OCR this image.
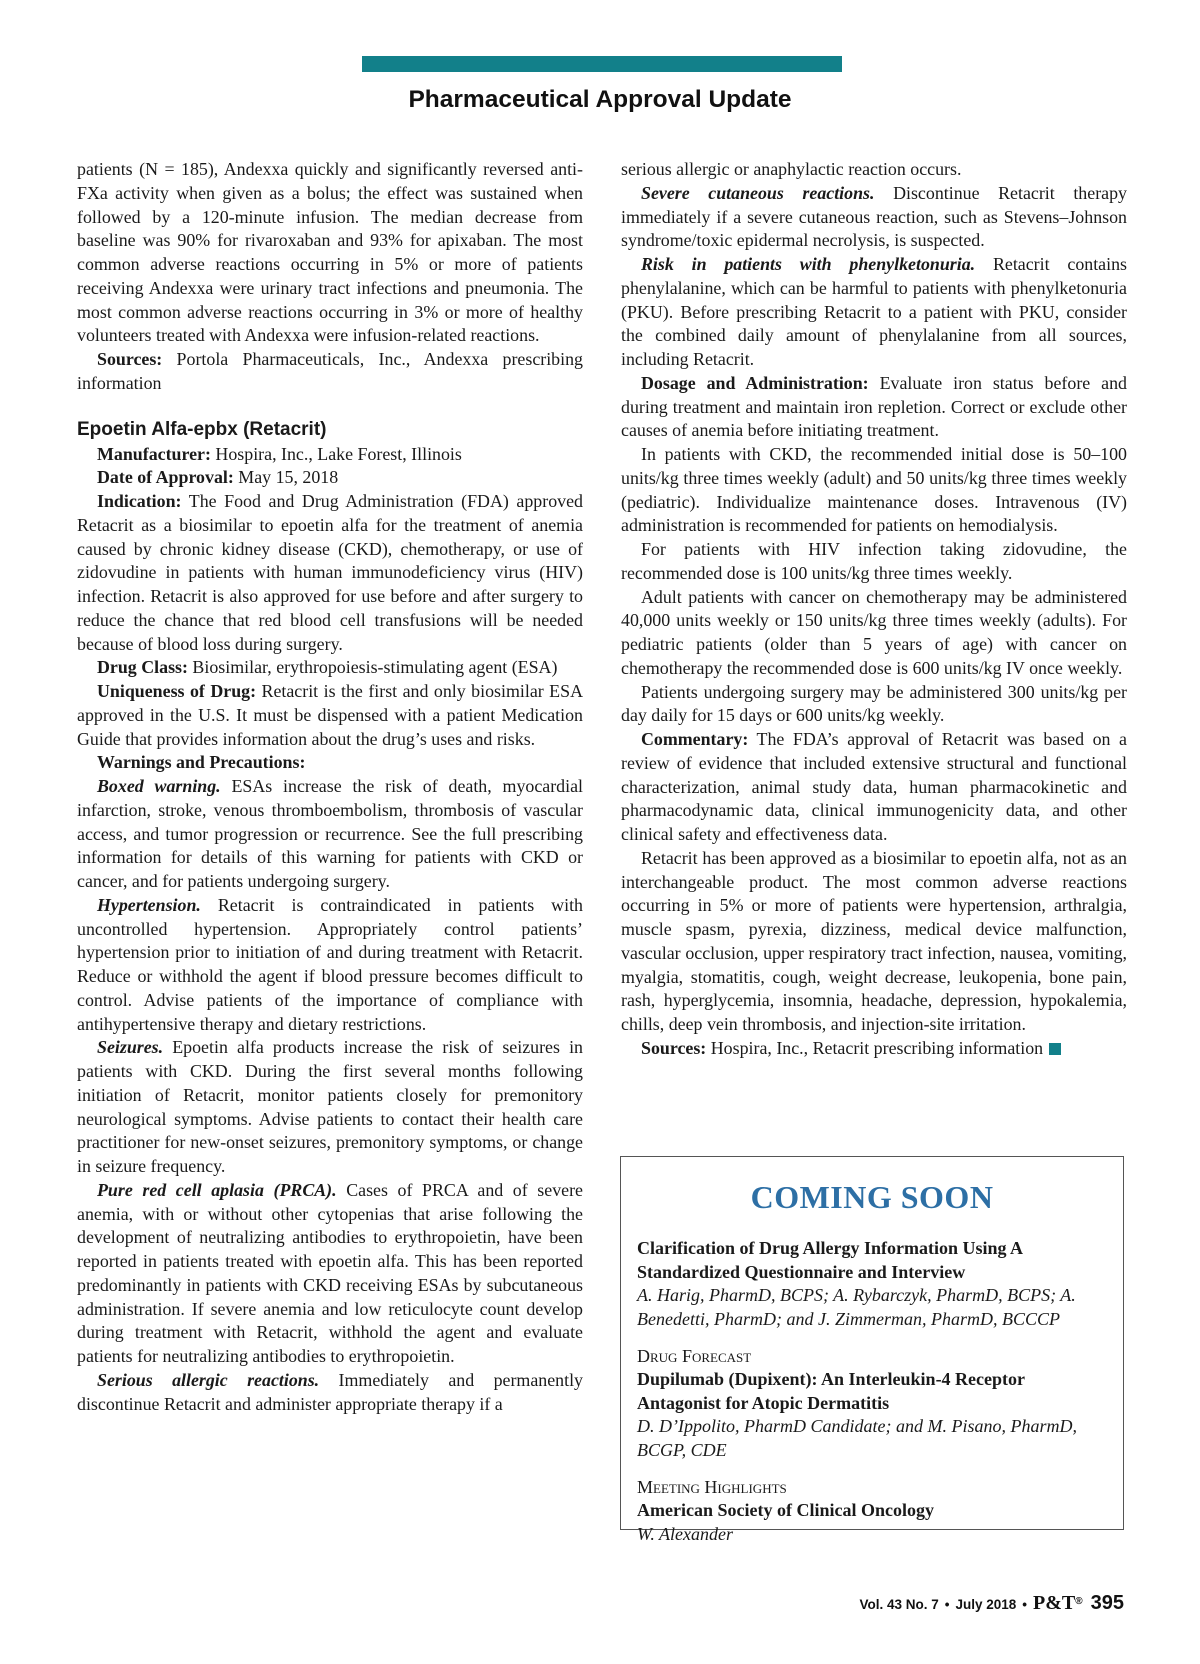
Pharmaceutical Approval Update

patients (N = 185), Andexxa quickly and significantly reversed anti-FXa activity when given as a bolus; the effect was sustained when followed by a 120-minute infusion. The median decrease from baseline was 90% for rivaroxaban and 93% for apixaban. The most common adverse reactions occurring in 5% or more of patients receiving Andexxa were urinary tract infections and pneumonia. The most common adverse reactions occurring in 3% or more of healthy volunteers treated with Andexxa were infusion-related reactions.

Sources: Portola Pharmaceuticals, Inc., Andexxa prescribing information

Epoetin Alfa-epbx (Retacrit)

Manufacturer: Hospira, Inc., Lake Forest, Illinois

Date of Approval: May 15, 2018

Indication: The Food and Drug Administration (FDA) approved Retacrit as a biosimilar to epoetin alfa for the treatment of anemia caused by chronic kidney disease (CKD), chemotherapy, or use of zidovudine in patients with human immunodeficiency virus (HIV) infection. Retacrit is also approved for use before and after surgery to reduce the chance that red blood cell transfusions will be needed because of blood loss during surgery.

Drug Class: Biosimilar, erythropoiesis-stimulating agent (ESA)

Uniqueness of Drug: Retacrit is the first and only biosimilar ESA approved in the U.S. It must be dispensed with a patient Medication Guide that provides information about the drug’s uses and risks.

Warnings and Precautions:

Boxed warning. ESAs increase the risk of death, myocardial infarction, stroke, venous thromboembolism, thrombosis of vascular access, and tumor progression or recurrence. See the full prescribing information for details of this warning for patients with CKD or cancer, and for patients undergoing surgery.

Hypertension. Retacrit is contraindicated in patients with uncontrolled hypertension. Appropriately control patients’ hypertension prior to initiation of and during treatment with Retacrit. Reduce or withhold the agent if blood pressure becomes difficult to control. Advise patients of the importance of compliance with antihypertensive therapy and dietary restrictions.

Seizures. Epoetin alfa products increase the risk of seizures in patients with CKD. During the first several months following initiation of Retacrit, monitor patients closely for premonitory neurological symptoms. Advise patients to contact their health care practitioner for new-onset seizures, premonitory symptoms, or change in seizure frequency.

Pure red cell aplasia (PRCA). Cases of PRCA and of severe anemia, with or without other cytopenias that arise following the development of neutralizing antibodies to erythropoietin, have been reported in patients treated with epoetin alfa. This has been reported predominantly in patients with CKD receiving ESAs by subcutaneous administration. If severe anemia and low reticulocyte count develop during treatment with Retacrit, withhold the agent and evaluate patients for neutralizing antibodies to erythropoietin.

Serious allergic reactions. Immediately and permanently discontinue Retacrit and administer appropriate therapy if a

serious allergic or anaphylactic reaction occurs.

Severe cutaneous reactions. Discontinue Retacrit therapy immediately if a severe cutaneous reaction, such as Stevens–Johnson syndrome/toxic epidermal necrolysis, is suspected.

Risk in patients with phenylketonuria. Retacrit contains phenylalanine, which can be harmful to patients with phenylketonuria (PKU). Before prescribing Retacrit to a patient with PKU, consider the combined daily amount of phenylalanine from all sources, including Retacrit.

Dosage and Administration: Evaluate iron status before and during treatment and maintain iron repletion. Correct or exclude other causes of anemia before initiating treatment.

In patients with CKD, the recommended initial dose is 50–100 units/kg three times weekly (adult) and 50 units/kg three times weekly (pediatric). Individualize maintenance doses. Intravenous (IV) administration is recommended for patients on hemodialysis.

For patients with HIV infection taking zidovudine, the recommended dose is 100 units/kg three times weekly.

Adult patients with cancer on chemotherapy may be administered 40,000 units weekly or 150 units/kg three times weekly (adults). For pediatric patients (older than 5 years of age) with cancer on chemotherapy the recommended dose is 600 units/kg IV once weekly.

Patients undergoing surgery may be administered 300 units/kg per day daily for 15 days or 600 units/kg weekly.

Commentary: The FDA’s approval of Retacrit was based on a review of evidence that included extensive structural and functional characterization, animal study data, human pharmacokinetic and pharmacodynamic data, clinical immunogenicity data, and other clinical safety and effectiveness data.

Retacrit has been approved as a biosimilar to epoetin alfa, not as an interchangeable product. The most common adverse reactions occurring in 5% or more of patients were hypertension, arthralgia, muscle spasm, pyrexia, dizziness, medical device malfunction, vascular occlusion, upper respiratory tract infection, nausea, vomiting, myalgia, stomatitis, cough, weight decrease, leukopenia, bone pain, rash, hyperglycemia, insomnia, headache, depression, hypokalemia, chills, deep vein thrombosis, and injection-site irritation.

Sources: Hospira, Inc., Retacrit prescribing information

COMING SOON
Clarification of Drug Allergy Information Using A Standardized Questionnaire and Interview
A. Harig, PharmD, BCPS; A. Rybarczyk, PharmD, BCPS; A. Benedetti, PharmD; and J. Zimmerman, PharmD, BCCCP
Drug Forecast
Dupilumab (Dupixent): An Interleukin-4 Receptor Antagonist for Atopic Dermatitis
D. D’Ippolito, PharmD Candidate; and M. Pisano, PharmD, BCGP, CDE
Meeting Highlights
American Society of Clinical Oncology
W. Alexander
Vol. 43 No. 7 • July 2018 • P&T® 395
